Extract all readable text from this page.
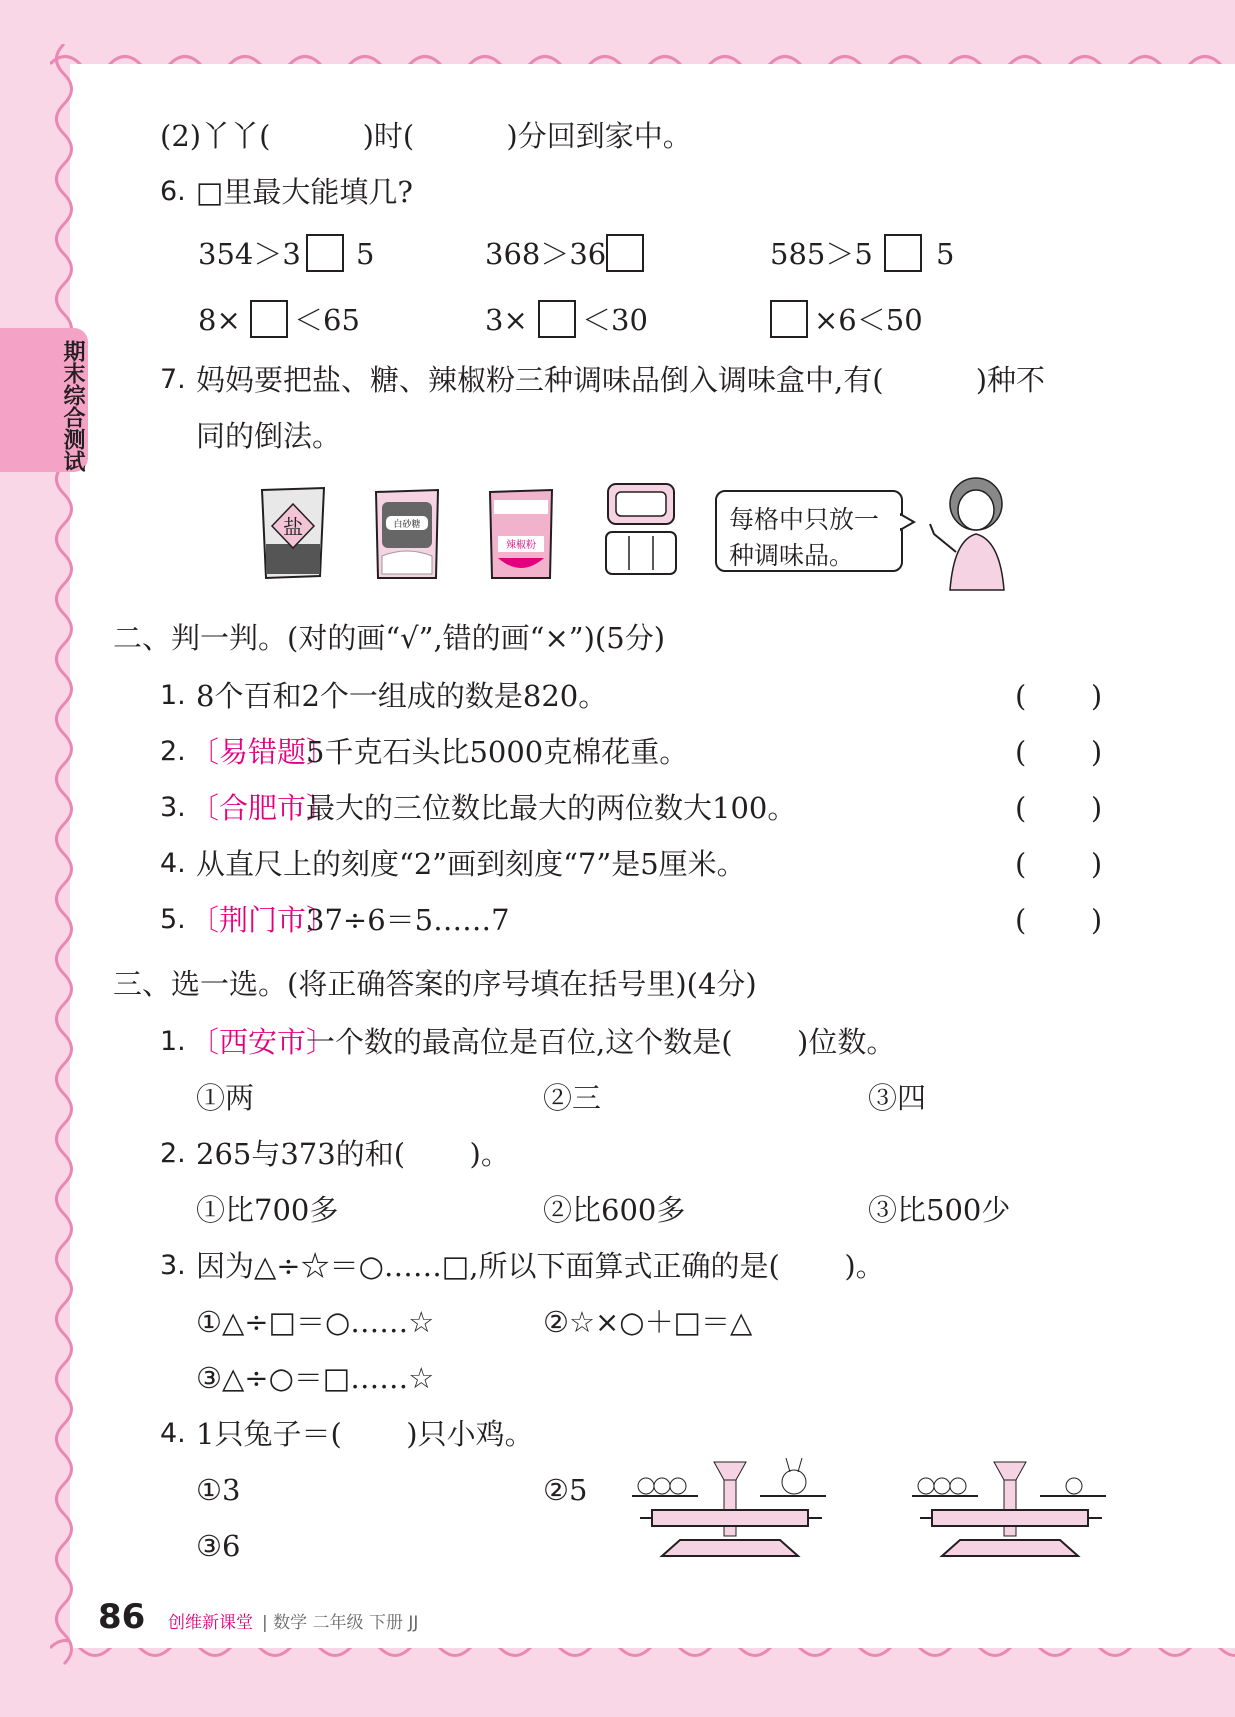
期末综合测试
(2)丫丫(          )时(          )分回到家中。
6. □里最大能填几?
354＞3 5	368＞36	585＞5 5
8× ＜65	3× ＜30	×6＜50
7. 妈妈要把盐、糖、辣椒粉三种调味品倒入调味盒中,有(          )种不
同的倒法。
盐	白砂糖
辣椒粉
每格中只放一
种调味品。
二、判一判。(对的画“√”,错的画“×”)(5分)
1. 8个百和2个一组成的数是820。	(       )
2. 〔易错题〕
5千克石头比5000克棉花重。	(       )
3. 〔合肥市〕
最大的三位数比最大的两位数大100。	(       )
4. 从直尺上的刻度“2”画到刻度“7”是5厘米。	(       )
5. 〔荆门市〕
37÷6＝5……7	(       )
三、选一选。(将正确答案的序号填在括号里)(4分)
1. 〔西安市〕
一个数的最高位是百位,这个数是(       )位数。
①两	②三	③四
2. 265与373的和(       )。
①比700多	②比600多	③比500少
3. 因为△÷☆＝○……□,所以下面算式正确的是(       )。
①△÷□＝○……☆	②☆×○＋□＝△
③△÷○＝□……☆
4. 1只兔子＝(       )只小鸡。
①3	②5
③6
86 创维新课堂 | 数学 二年级 下册 JJ
